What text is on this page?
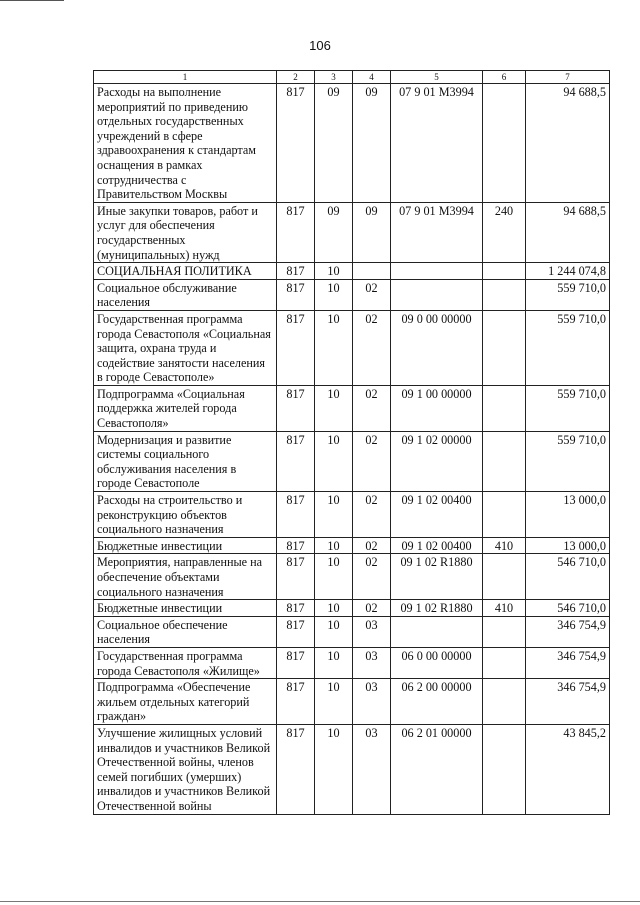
106
1	2	3	4	5	6	7
Расходы на выполнение мероприятий по приведению отдельных государственных учреждений в сфере здравоохранения к стандартам оснащения в рамках сотрудничества с Правительством Москвы	817	09	09	07 9 01 М3994		94 688,5
Иные закупки товаров, работ и услуг для обеспечения государственных (муниципальных) нужд	817	09	09	07 9 01 М3994	240	94 688,5
СОЦИАЛЬНАЯ ПОЛИТИКА	817	10				1 244 074,8
Социальное обслуживание населения	817	10	02			559 710,0
Государственная программа города Севастополя «Социальная защита, охрана труда и содействие занятости населения в городе Севастополе»	817	10	02	09 0 00 00000		559 710,0
Подпрограмма «Социальная поддержка жителей города Севастополя»	817	10	02	09 1 00 00000		559 710,0
Модернизация и развитие системы социального обслуживания населения в городе Севастополе	817	10	02	09 1 02 00000		559 710,0
Расходы на строительство и реконструкцию объектов социального назначения	817	10	02	09 1 02 00400		13 000,0
Бюджетные инвестиции	817	10	02	09 1 02 00400	410	13 000,0
Мероприятия, направленные на обеспечение объектами социального назначения	817	10	02	09 1 02 R1880		546 710,0
Бюджетные инвестиции	817	10	02	09 1 02 R1880	410	546 710,0
Социальное обеспечение населения	817	10	03			346 754,9
Государственная программа города Севастополя «Жилище»	817	10	03	06 0 00 00000		346 754,9
Подпрограмма «Обеспечение жильем отдельных категорий граждан»	817	10	03	06 2 00 00000		346 754,9
Улучшение жилищных условий инвалидов и участников Великой Отечественной войны, членов семей погибших (умерших) инвалидов и участников Великой Отечественной войны	817	10	03	06 2 01 00000		43 845,2
